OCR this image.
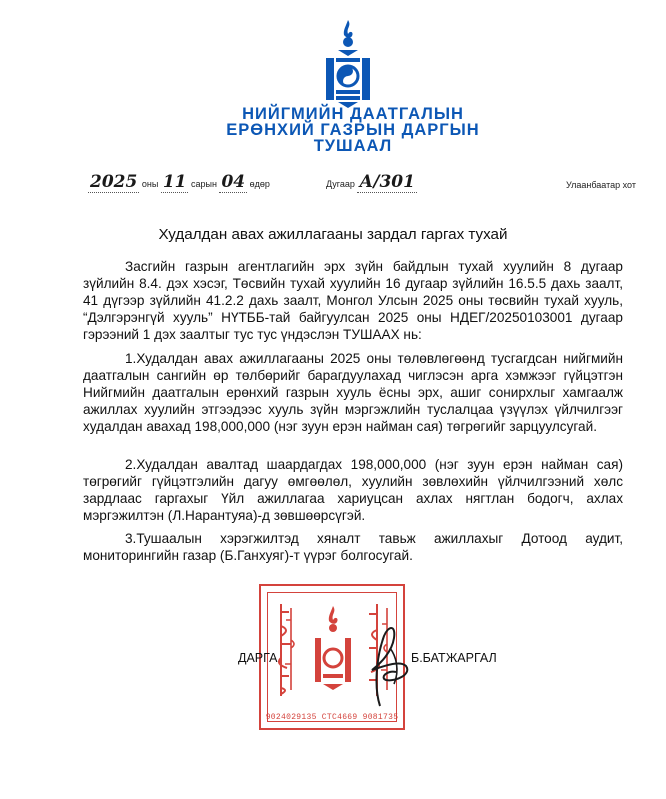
НИЙГМИЙН ДААТГАЛЫН
ЕРӨНХИЙ ГАЗРЫН ДАРГЫН
ТУШААЛ
2025 оны 11 сарын 04 өдөр	Дугаар А/301	Улаанбаатар хот
Худалдан авах ажиллагааны зардал гаргах тухай
Засгийн газрын агентлагийн эрх зүйн байдлын тухай хуулийн 8 дугаар зүйлийн 8.4. дэх хэсэг, Төсвийн тухай хуулийн 16 дугаар зүйлийн 16.5.5 дахь заалт, 41 дүгээр зүйлийн 41.2.2 дахь заалт, Монгол Улсын 2025 оны төсвийн тухай хууль, “Дэлгэрэнгүй хууль” НҮТББ-тай байгуулсан 2025 оны НДЕГ/20250103001 дугаар гэрээний 1 дэх заалтыг тус тус үндэслэн ТУШААХ нь:
1.Худалдан авах ажиллагааны 2025 оны төлөвлөгөөнд тусгагдсан нийгмийн даатгалын сангийн өр төлбөрийг барагдуулахад чиглэсэн арга хэмжээг гүйцэтгэн Нийгмийн даатгалын ерөнхий газрын хууль ёсны эрх, ашиг сонирхлыг хамгаалж ажиллах хуулийн этгээдээс хууль зүйн мэргэжлийн туслалцаа үзүүлэх үйлчилгээг худалдан авахад 198,000,000 (нэг зуун ерэн найман сая) төгрөгийг зарцуулсугай.
2.Худалдан авалтад шаардагдах 198,000,000 (нэг зуун ерэн найман сая) төгрөгийг гүйцэтгэлийн дагуу өмгөөлөл, хуулийн зөвлөхийн үйлчилгээний хөлс зардлаас гаргахыг Үйл ажиллагаа хариуцсан ахлах нягтлан бодогч, ахлах мэргэжилтэн (Л.Нарантуяа)-д зөвшөөрсүгэй.
3.Тушаалын хэрэгжилтэд хяналт тавьж ажиллахыг Дотоод аудит, мониторингийн газар (Б.Ганхуяг)-т үүрэг болгосугай.
9024029135 СТС4669 9081735
ДАРГА	Б.БАТЖАРГАЛ
